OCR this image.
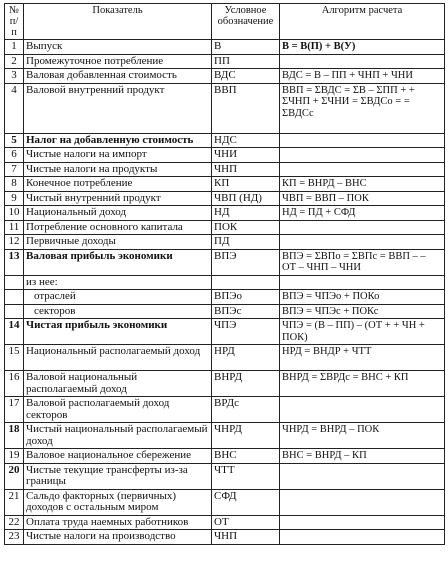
№ п/п	Показатель	Условное обозначение	Алгоритм расчета
1	Выпуск	В	В = В(П) + В(У)
2	Промежуточное потребление	ПП	
3	Валовая добавленная стоимость	ВДС	ВДС = В – ПП + ЧНП + ЧНИ
4	Валовой внутренний продукт	ВВП	ВВП = ΣВДС = ΣВ – ΣПП + + ΣЧНП + ΣЧНИ = ΣВДСо = = ΣВДСс
5	Налог на добавленную стоимость	НДС	
6	Чистые налоги на импорт	ЧНИ	
7	Чистые налоги на продукты	ЧНП	
8	Конечное потребление	КП	КП = ВНРД – ВНС
9	Чистый внутренний продукт	ЧВП (НД)	ЧВП = ВВП – ПОК
10	Национальный доход	НД	НД = ПД + СФД
11	Потребление основного капитала	ПОК	
12	Первичные доходы	ПД	
13	Валовая прибыль экономики	ВПЭ	ВПЭ = ΣВПо = ΣВПс = ВВП – – ОТ – ЧНП – ЧНИ
	из нее:		
	отраслей	ВПЭо	ВПЭ = ЧПЭо + ПОКо
	секторов	ВПЭс	ВПЭ = ЧПЭс + ПОКс
14	Чистая прибыль экономики	ЧПЭ	ЧПЭ = (В – ПП) – (ОТ + + ЧН + ПОК)
15	Национальный располагаемый доход	НРД	НРД = ВНДР + ЧТТ
16	Валовой национальный располагаемый доход	ВНРД	ВНРД = ΣВРДс = ВНС + КП
17	Валовой располагаемый доход секторов	ВРДс	
18	Чистый национальный располагаемый доход	ЧНРД	ЧНРД = ВНРД – ПОК
19	Валовое национальное сбережение	ВНС	ВНС = ВНРД – КП
20	Чистые текущие трансферты из-за границы	ЧТТ	
21	Сальдо факторных (первичных) доходов с остальным миром	СФД	
22	Оплата труда наемных работников	ОТ	
23	Чистые налоги на производство	ЧНП	
